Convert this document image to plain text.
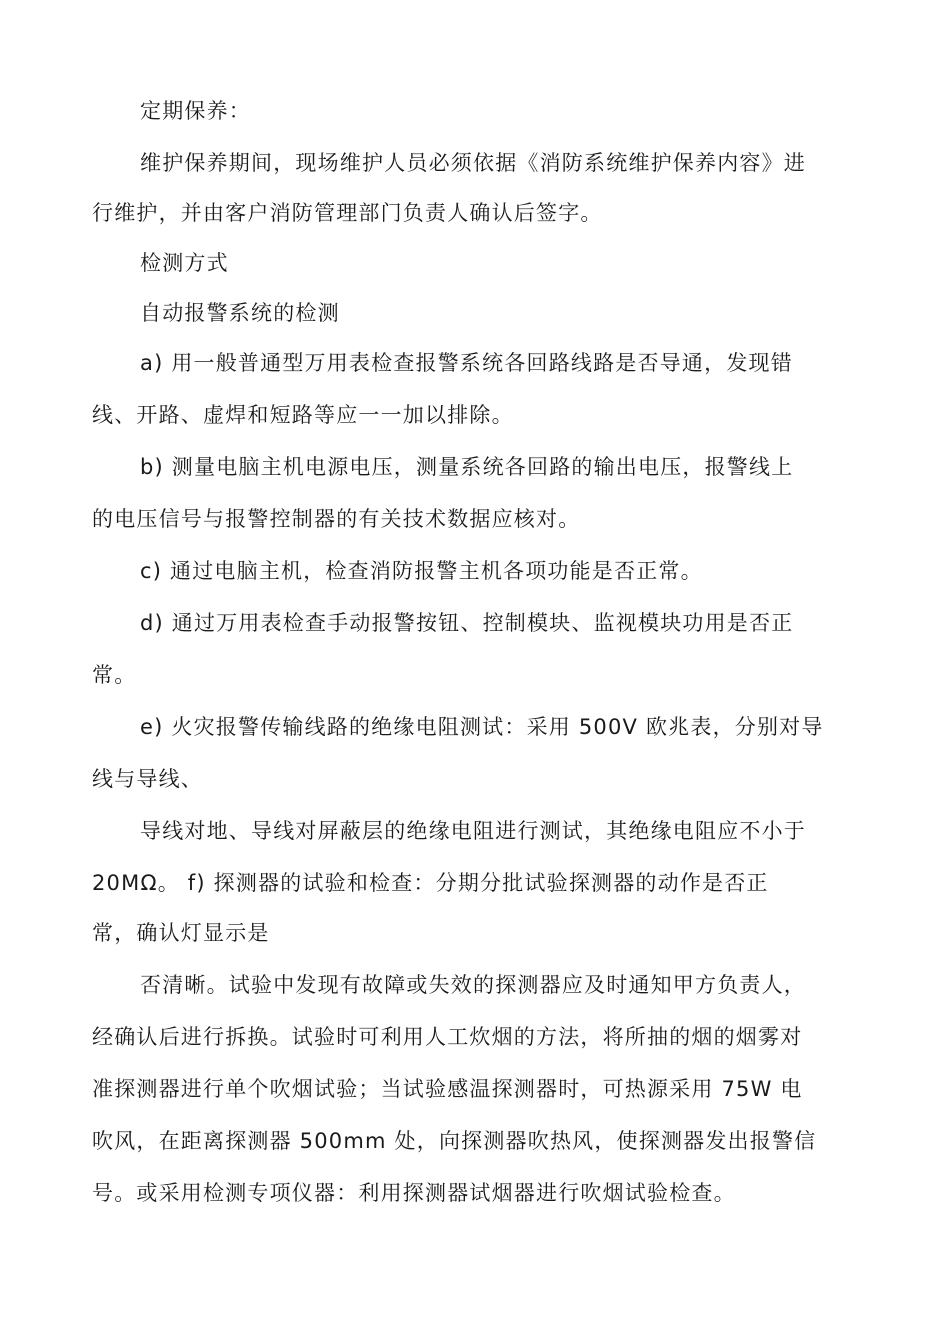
定期保养：
维护保养期间，现场维护人员必须依据《消防系统维护保养内容》进
行维护，并由客户消防管理部门负责人确认后签字。
检测方式
自动报警系统的检测
a) 用一般普通型万用表检查报警系统各回路线路是否导通，发现错
线、开路、虚焊和短路等应一一加以排除。
b) 测量电脑主机电源电压，测量系统各回路的输出电压，报警线上
的电压信号与报警控制器的有关技术数据应核对。
c) 通过电脑主机，检查消防报警主机各项功能是否正常。
d) 通过万用表检查手动报警按钮、控制模块、监视模块功用是否正
常。
e) 火灾报警传输线路的绝缘电阻测试：采用 500V 欧兆表，分别对导
线与导线、
导线对地、导线对屏蔽层的绝缘电阻进行测试，其绝缘电阻应不小于
20MΩ。 f) 探测器的试验和检查：分期分批试验探测器的动作是否正
常，确认灯显示是
否清晰。试验中发现有故障或失效的探测器应及时通知甲方负责人，
经确认后进行拆换。试验时可利用人工炊烟的方法，将所抽的烟的烟雾对
准探测器进行单个吹烟试验；当试验感温探测器时，可热源采用 75W 电
吹风，在距离探测器 500mm 处，向探测器吹热风，使探测器发出报警信
号。或采用检测专项仪器：利用探测器试烟器进行吹烟试验检查。
